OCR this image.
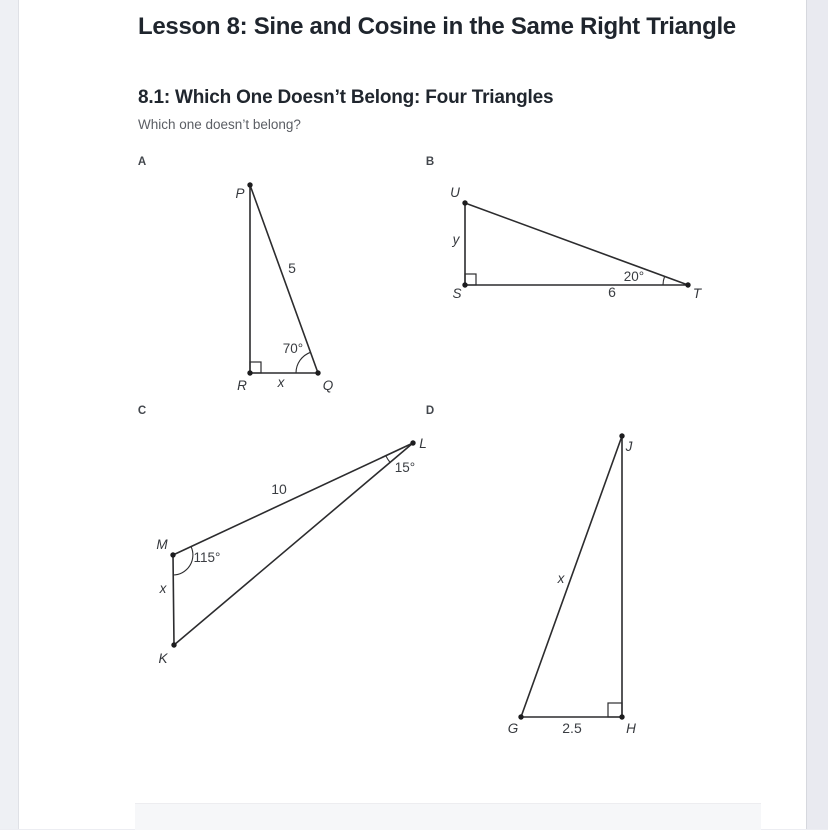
Lesson 8: Sine and Cosine in the Same Right Triangle
8.1: Which One Doesn’t Belong: Four Triangles

Which one doesn’t belong?

A
P
5
70°
R x	Q
B
U
y
S	6
20°
T
C
L
15°
10
M
115°
x
K
D
J
x
G	2.5	H
